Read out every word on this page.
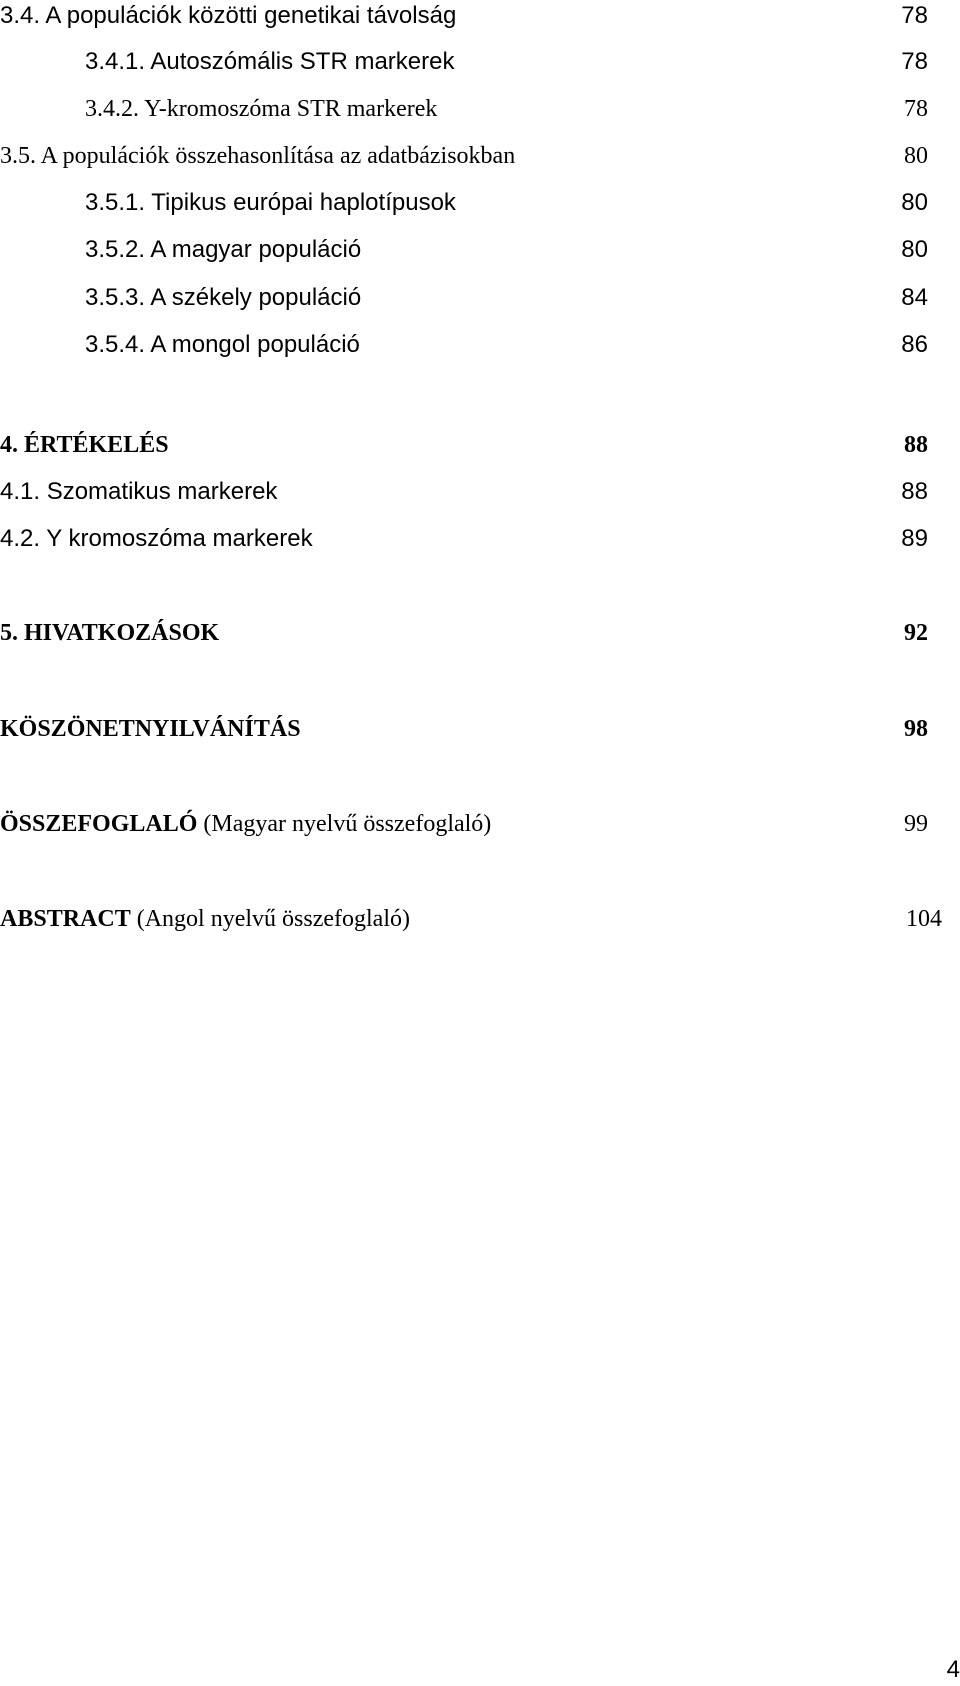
3.4. A populációk közötti genetikai távolság	78
3.4.1. Autoszómális STR markerek	78
3.4.2. Y-kromoszóma STR markerek	78
3.5. A populációk összehasonlítása az adatbázisokban	80
3.5.1. Tipikus európai haplotípusok	80
3.5.2. A magyar populáció	80
3.5.3. A székely populáció	84
3.5.4. A mongol populáció	86
4. ÉRTÉKELÉS	88
4.1. Szomatikus markerek	88
4.2. Y kromoszóma markerek	89
5. HIVATKOZÁSOK	92
KÖSZÖNETNYILVÁNÍTÁS	98
ÖSSZEFOGLALÓ (Magyar nyelvű összefoglaló)	99
ABSTRACT (Angol nyelvű összefoglaló)	104
4
